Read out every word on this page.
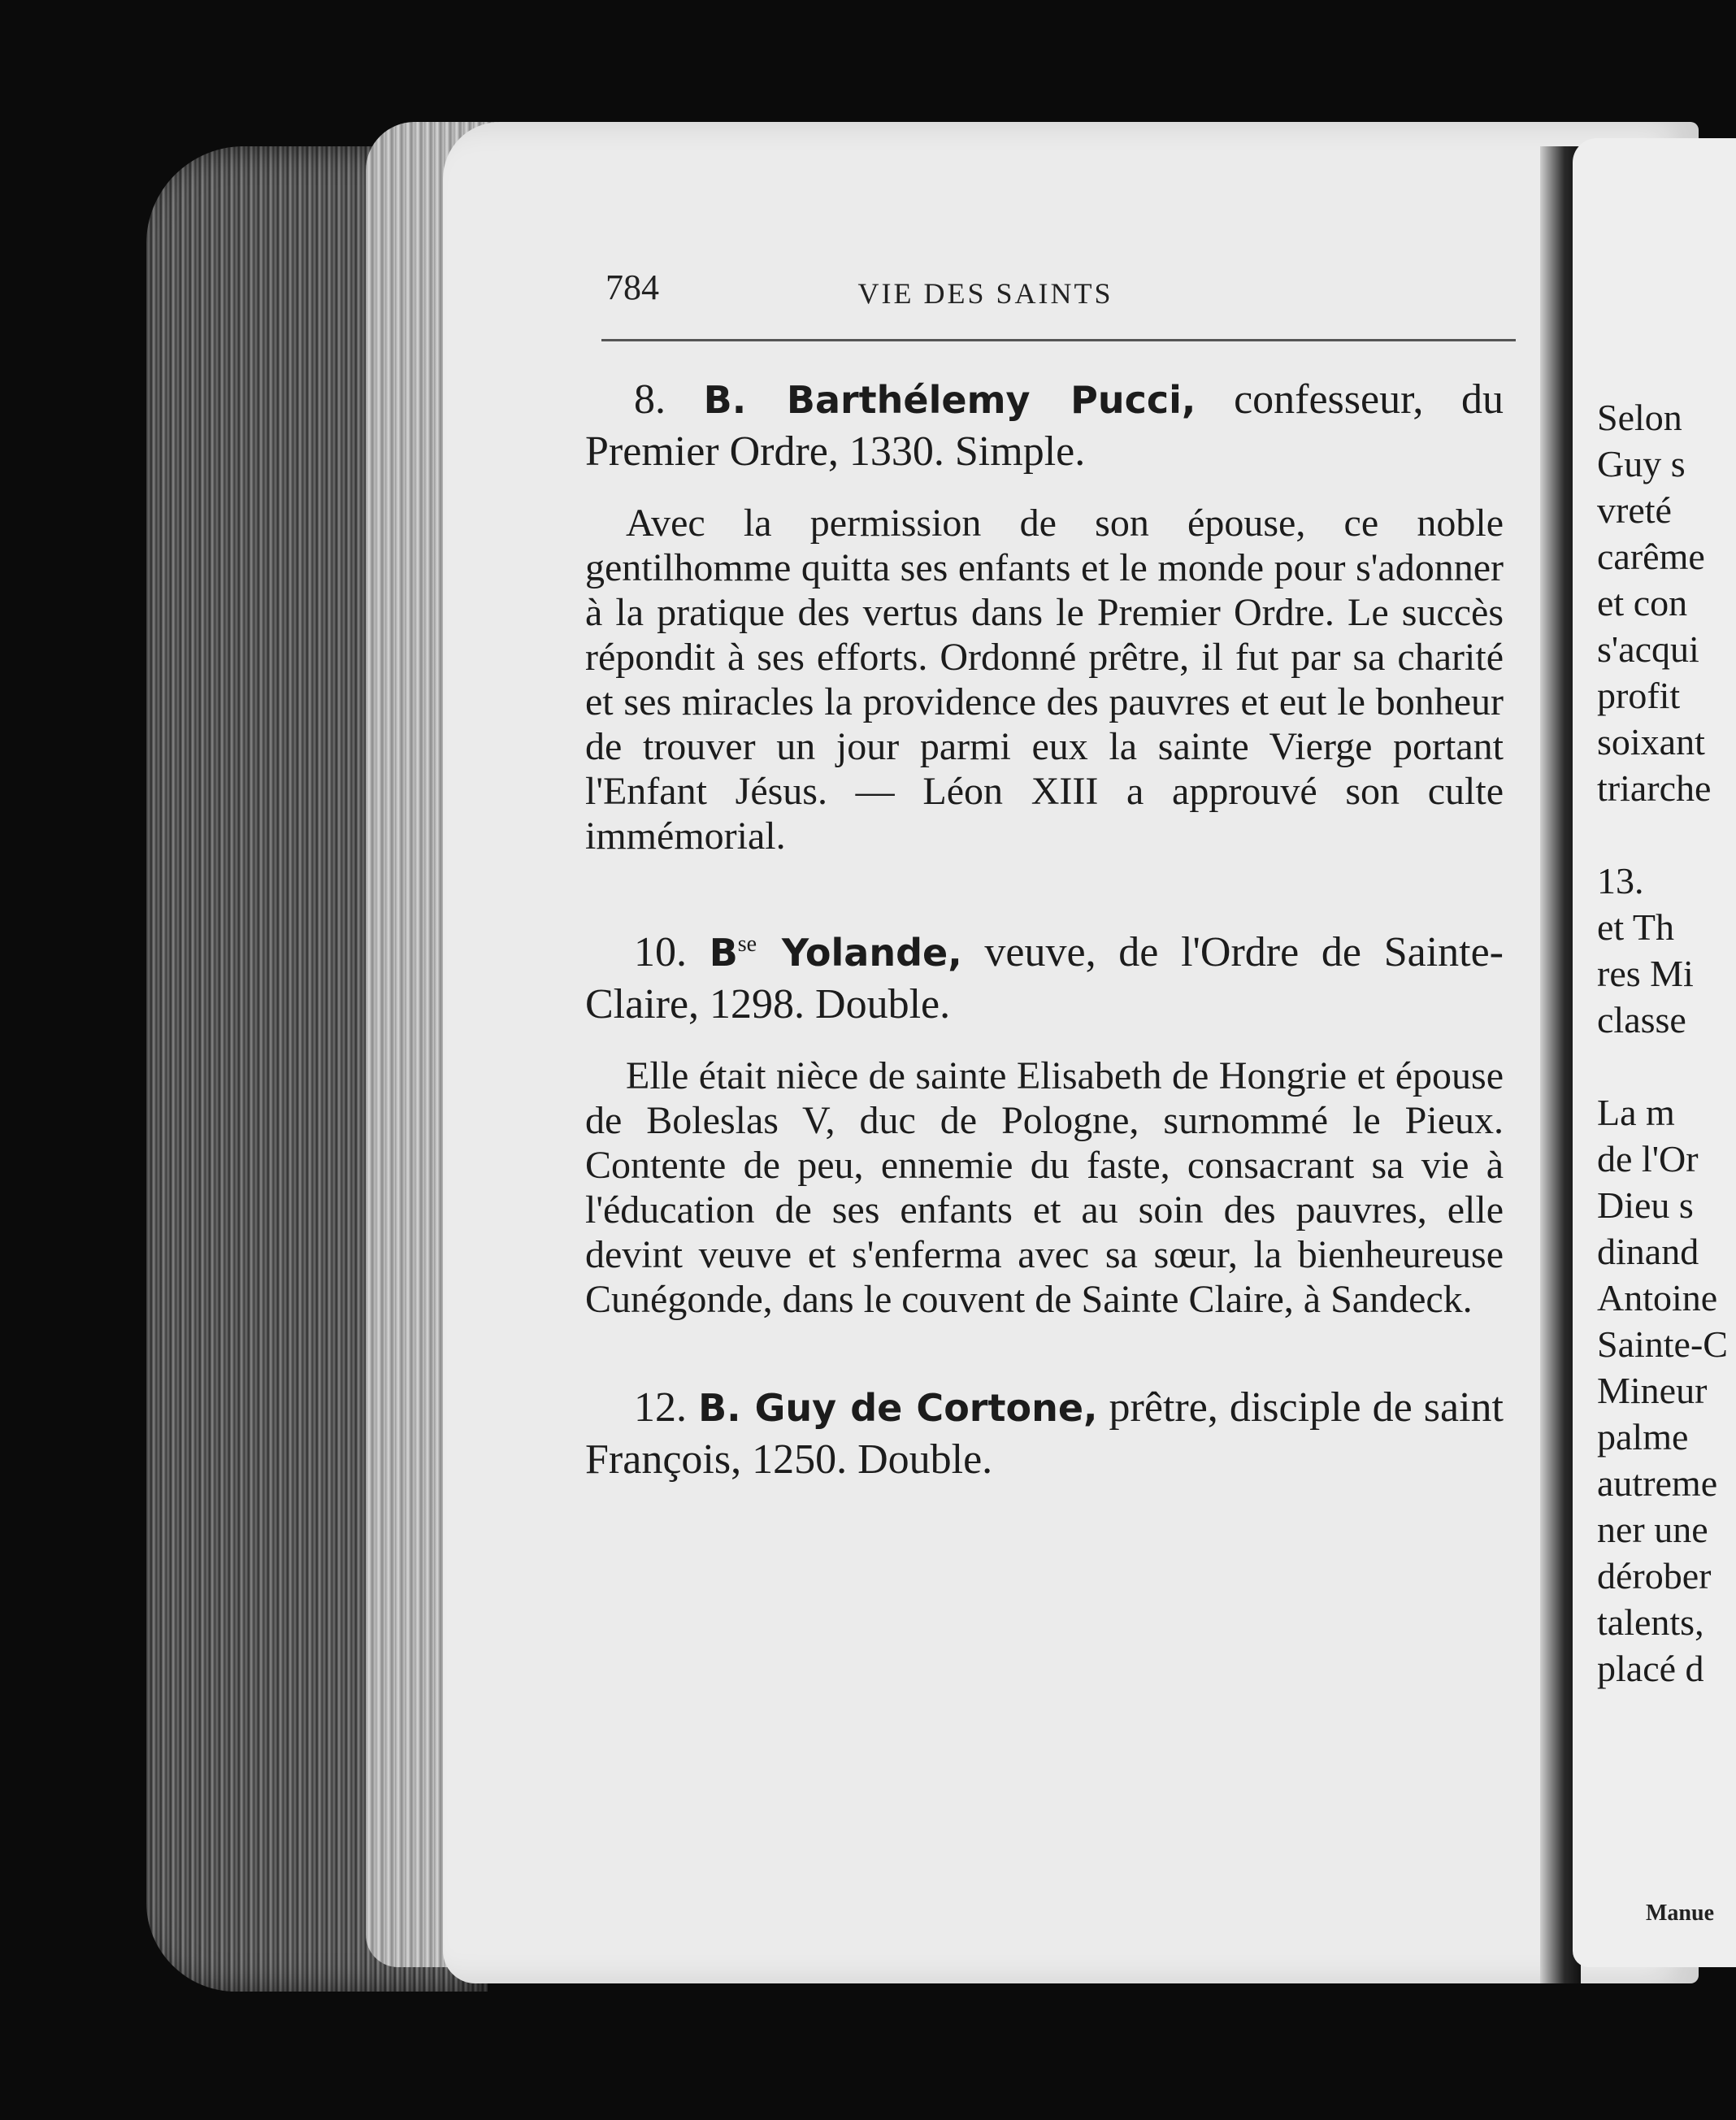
784	VIE DES SAINTS

8. B. Barthélemy Pucci, confesseur, du Premier Ordre, 1330. Simple.

Avec la permission de son épouse, ce noble gentilhomme quitta ses enfants et le monde pour s'adonner à la pratique des vertus dans le Premier Ordre. Le succès répondit à ses efforts. Ordonné prêtre, il fut par sa charité et ses miracles la providence des pauvres et eut le bonheur de trouver un jour parmi eux la sainte Vierge portant l'Enfant Jésus. — Léon XIII a approuvé son culte immémorial.

10. $B^{se}$ Yolande, veuve, de l'Ordre de Sainte-Claire, 1298. Double.

Elle était nièce de sainte Elisabeth de Hongrie et épouse de Boleslas V, duc de Pologne, surnommé le Pieux. Contente de peu, ennemie du faste, consacrant sa vie à l'éducation de ses enfants et au soin des pauvres, elle devint veuve et s'enferma avec sa sœur, la bienheureuse Cunégonde, dans le couvent de Sainte Claire, à Sandeck.

12. B. Guy de Cortone, prêtre, disciple de saint François, 1250. Double.

Selon
Guy s
vreté
carême
et con
s'acqui
profit
soixant
triarche

13.
et Th
res Mi
classe

La m
de l'Or
Dieu s
dinand
Antoine
Sainte-C
Mineur
palme
autreme
ner une
dérober
talents,
placé d
Manue
